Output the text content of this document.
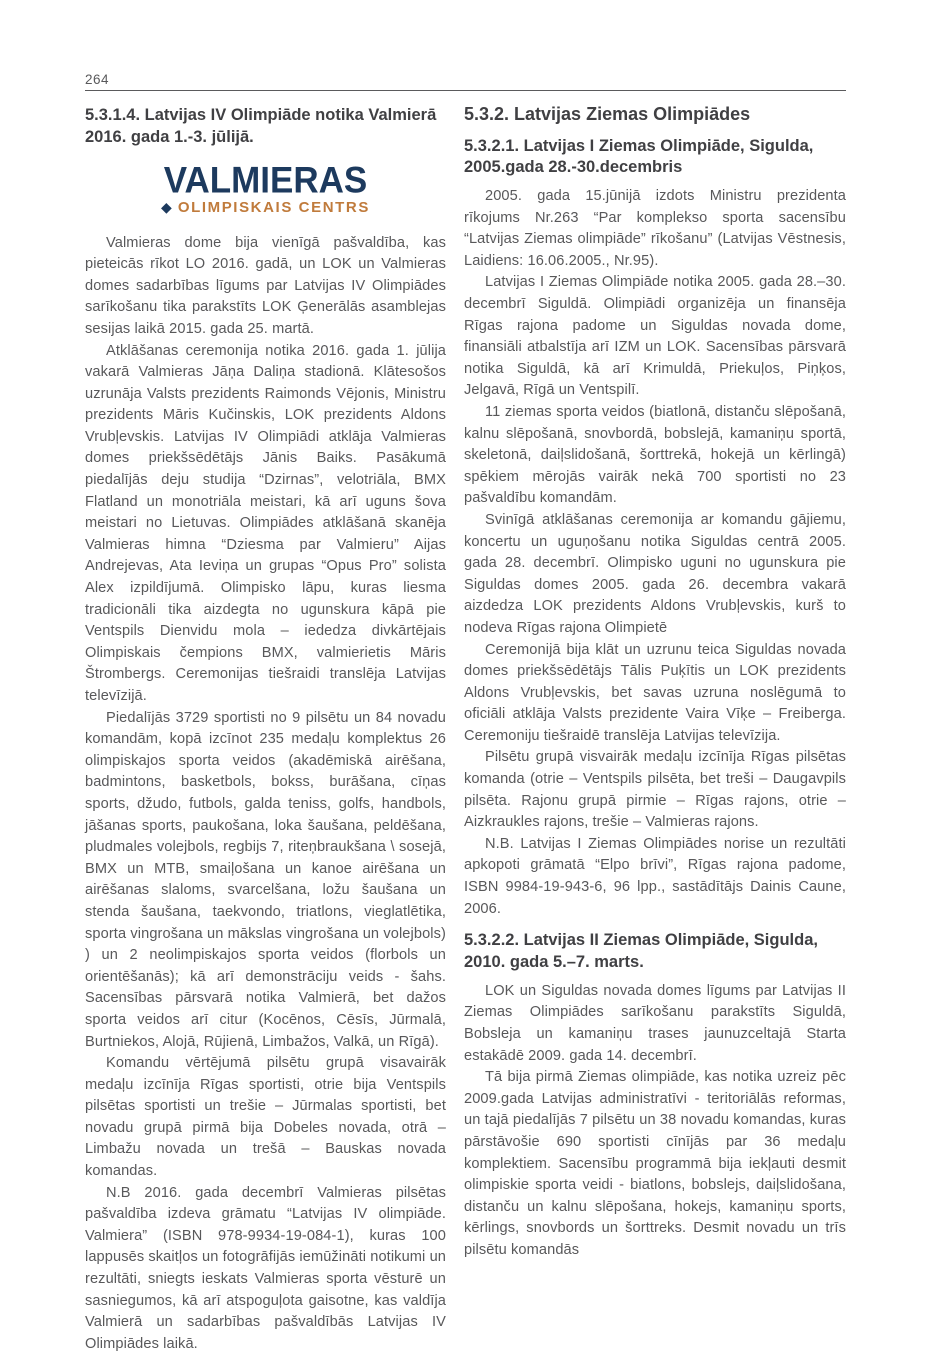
264
5.3.1.4. Latvijas IV Olimpiāde notika Valmierā 2016. gada 1.-3. jūlijā.
VALMIERAS
◆ OLIMPISKAIS CENTRS

Valmieras dome bija vienīgā pašvaldība, kas pieteicās rīkot LO 2016. gadā, un LOK un Valmieras domes sadarbības līgums par Latvijas IV Olimpiādes sarīkošanu tika parakstīts LOK Ģenerālās asamblejas sesijas laikā 2015. gada 25. martā.

Atklāšanas ceremonija notika 2016. gada 1. jūlija vakarā Valmieras Jāņa Daliņa stadionā. Klātesošos uzrunāja Valsts prezidents Raimonds Vējonis, Ministru prezidents Māris Kučinskis, LOK prezidents Aldons Vrubļevskis. Latvijas IV Olimpiādi atklāja Valmieras domes priekšsēdētājs Jānis Baiks. Pasākumā piedalījās deju studija “Dzirnas”, velotriāla, BMX Flatland un monotriāla meistari, kā arī uguns šova meistari no Lietuvas. Olimpiādes atklāšanā skanēja Valmieras himna “Dziesma par Valmieru” Aijas Andrejevas, Ata Ieviņa un grupas “Opus Pro” solista Alex izpildījumā. Olimpisko lāpu, kuras liesma tradicionāli tika aizdegta no ugunskura kāpā pie Ventspils Dienvidu mola – iededza divkārtējais Olimpiskais čempions BMX, valmierietis Māris Štrombergs. Ceremonijas tiešraidi translēja Latvijas televīzijā.

Piedalījās 3729 sportisti no 9 pilsētu un 84 novadu komandām, kopā izcīnot 235 medaļu komplektus 26 olimpiskajos sporta veidos (akadēmiskā airēšana, badmintons, basketbols, bokss, burāšana, cīņas sports, džudo, futbols, galda teniss, golfs, handbols, jāšanas sports, paukošana, loka šaušana, peldēšana, pludmales volejbols, regbijs 7, riteņbraukšana \ sosejā, BMX un MTB, smaiļošana un kanoe airēšana un airēšanas slaloms, svarcelšana, ložu šaušana un stenda šaušana, taekvondo, triatlons, vieglatlētika, sporta vingrošana un mākslas vingrošana un volejbols) ) un 2 neolimpiskajos sporta veidos (florbols un orientēšanās); kā arī demonstrāciju veids - šahs. Sacensības pārsvarā notika Valmierā, bet dažos sporta veidos arī citur (Kocēnos, Cēsīs, Jūrmalā, Burtniekos, Alojā, Rūjienā, Limbažos, Valkā, un Rīgā).

Komandu vērtējumā pilsētu grupā visavairāk medaļu izcīnīja Rīgas sportisti, otrie bija Ventspils pilsētas sportisti un trešie – Jūrmalas sportisti, bet novadu grupā pirmā bija Dobeles novada, otrā – Limbažu novada un trešā – Bauskas novada komandas.

N.B 2016. gada decembrī Valmieras pilsētas pašvaldība izdeva grāmatu “Latvijas IV olimpiāde. Valmiera” (ISBN 978-9934-19-084-1), kuras 100 lappusēs skaitļos un fotogrāfijās iemūžināti notikumi un rezultāti, sniegts ieskats Valmieras sporta vēsturē un sasniegumos, kā arī atspoguļota gaisotne, kas valdīja Valmierā un sadarbības pašvaldībās Latvijas IV Olimpiādes laikā.

5.3.2. Latvijas Ziemas Olimpiādes
5.3.2.1. Latvijas I Ziemas Olimpiāde, Sigulda, 2005.gada 28.-30.decembris
2005. gada 15.jūnijā izdots Ministru prezidenta rīkojums Nr.263 “Par komplekso sporta sacensību “Latvijas Ziemas olimpiāde” rīkošanu” (Latvijas Vēstnesis, Laidiens: 16.06.2005., Nr.95).
Latvijas I Ziemas Olimpiāde notika 2005. gada 28.–30. decembrī Siguldā. Olimpiādi organizēja un finansēja Rīgas rajona padome un Siguldas novada dome, finansiāli atbalstīja arī IZM un LOK. Sacensības pārsvarā notika Siguldā, kā arī Krimuldā, Priekuļos, Piņķos, Jelgavā, Rīgā un Ventspilī.
11 ziemas sporta veidos (biatlonā, distanču slēpošanā, kalnu slēpošanā, snovbordā, bobslejā, kamaniņu sportā, skeletonā, daiļslidošanā, šorttrekā, hokejā un kērlingā) spēkiem mērojās vairāk nekā 700 sportisti no 23 pašvaldību komandām.
Svinīgā atklāšanas ceremonija ar komandu gājiemu, koncertu un uguņošanu notika Siguldas centrā 2005. gada 28. decembrī. Olimpisko uguni no ugunskura pie Siguldas domes 2005. gada 26. decembra vakarā aizdedza LOK prezidents Aldons Vrubļevskis, kurš to nodeva Rīgas rajona Olimpietē
Ceremonijā bija klāt un uzrunu teica Siguldas novada domes priekšsēdētājs Tālis Puķītis un LOK prezidents Aldons Vrubļevskis, bet savas uzruna noslēgumā to oficiāli atklāja Valsts prezidente Vaira Vīķe – Freiberga. Ceremoniju tiešraidē translēja Latvijas televīzija.
Pilsētu grupā visvairāk medaļu izcīnīja Rīgas pilsētas komanda (otrie – Ventspils pilsēta, bet treši – Daugavpils pilsēta. Rajonu grupā pirmie – Rīgas rajons, otrie – Aizkraukles rajons, trešie – Valmieras rajons.
N.B. Latvijas I Ziemas Olimpiādes norise un rezultāti apkopoti grāmatā “Elpo brīvi”, Rīgas rajona padome, ISBN 9984-19-943-6, 96 lpp., sastādītājs Dainis Caune, 2006.
5.3.2.2. Latvijas II Ziemas Olimpiāde, Sigulda, 2010. gada 5.–7. marts.
LOK un Siguldas novada domes līgums par Latvijas II Ziemas Olimpiādes sarīkošanu parakstīts Siguldā, Bobsleja un kamaniņu trases jaunuzceltajā Starta estakādē 2009. gada 14. decembrī.
Tā bija pirmā Ziemas olimpiāde, kas notika uzreiz pēc 2009.gada Latvijas administratīvi - teritoriālās reformas, un tajā piedalījās 7 pilsētu un 38 novadu komandas, kuras pārstāvošie 690 sportisti cīnījās par 36 medaļu komplektiem. Sacensību programmā bija iekļauti desmit olimpiskie sporta veidi - biatlons, bobslejs, daiļslidošana, distanču un kalnu slēpošana, hokejs, kamaniņu sports, kērlings, snovbords un šorttreks. Desmit novadu un trīs pilsētu komandās
